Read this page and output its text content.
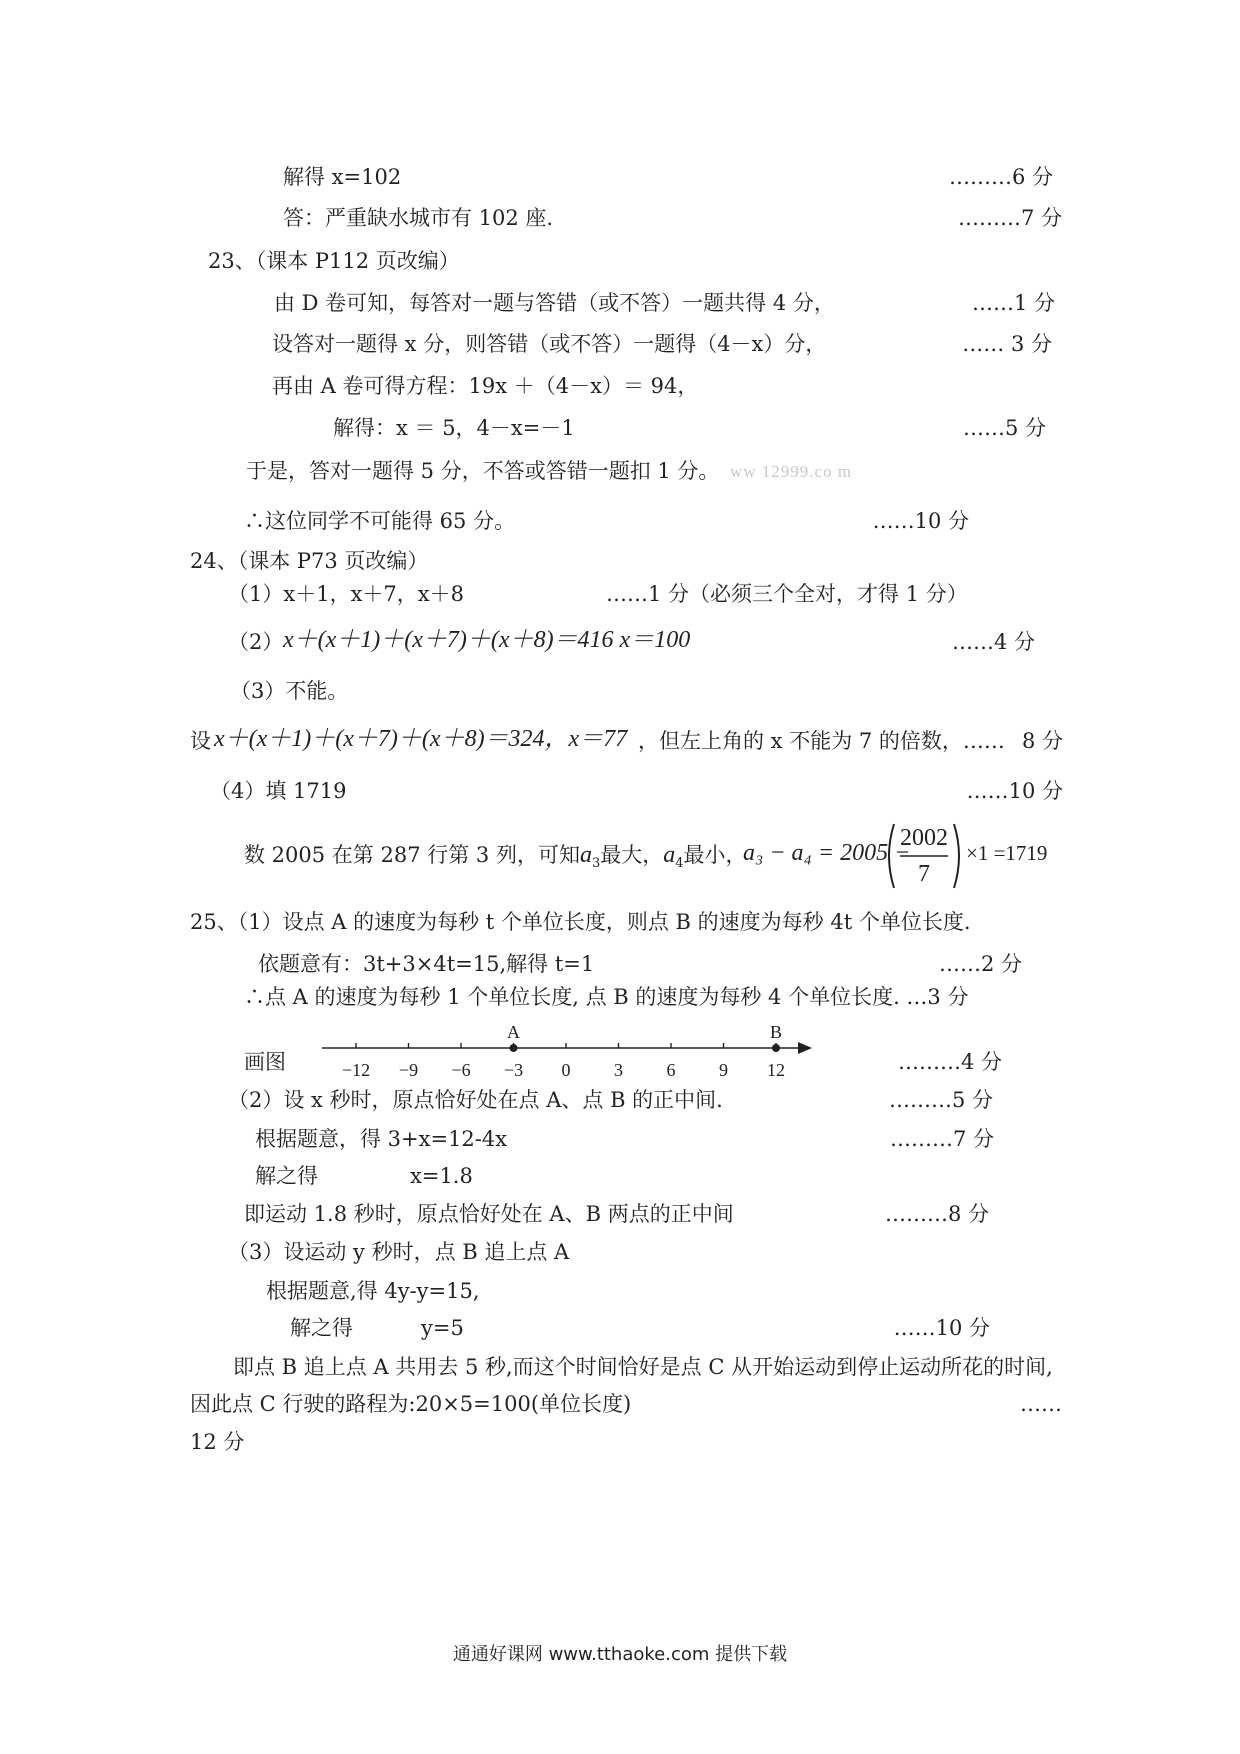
解得 x=102	………6 分
答：严重缺水城市有 102 座.	………7 分
23、（课本 P112 页改编）
由 D 卷可知，每答对一题与答错（或不答）一题共得 4 分，	……1 分
设答对一题得 x 分，则答错（或不答）一题得（4－x）分，	…… 3 分
再由 A 卷可得方程：19x ＋（4－x）＝ 94，
解得：x ＝ 5，4－x=－1	……5 分
于是，答对一题得 5 分，不答或答错一题扣 1 分。 ww 12999.co m
∴这位同学不可能得 65 分。	……10 分
24、（课本 P73 页改编）
（1）x＋1，x＋7，x＋8	……1 分（必须三个全对，才得 1 分）
（2） x＋(x＋1)＋(x＋7)＋(x＋8)＝416 x＝100	……4 分
（3）不能。
设 x＋(x＋1)＋(x＋7)＋(x＋8)＝324，x＝77 ，但左上角的 x 不能为 7 的倍数，…… 8 分
（4）填 1719	……10 分
数 2005 在第 287 行第 3 列，可知$a_3$最大，$a_4$最小，
a₃ − a₄ = 2005 −
2002
7
×1 =1719
25、（1）设点 A 的速度为每秒 t 个单位长度，则点 B 的速度为每秒 4t 个单位长度.
依题意有：3t+3×4t=15,解得 t=1	……2 分
∴点 A 的速度为每秒 1 个单位长度, 点 B 的速度为每秒 4 个单位长度. …3 分
画图	−12 −9 −6 −3 0 3 6 9 12
A	B
………4 分
（2）设 x 秒时，原点恰好处在点 A、点 B 的正中间.	………5 分
根据题意，得 3+x=12-4x	………7 分
解之得	x=1.8
即运动 1.8 秒时，原点恰好处在 A、B 两点的正中间	………8 分
（3）设运动 y 秒时，点 B 追上点 A
根据题意,得 4y-y=15,
解之得	y=5	……10 分
即点 B 追上点 A 共用去 5 秒,而这个时间恰好是点 C 从开始运动到停止运动所花的时间,
因此点 C 行驶的路程为:20×5=100(单位长度)	……
12 分
通通好课网 www.tthaoke.com 提供下载
